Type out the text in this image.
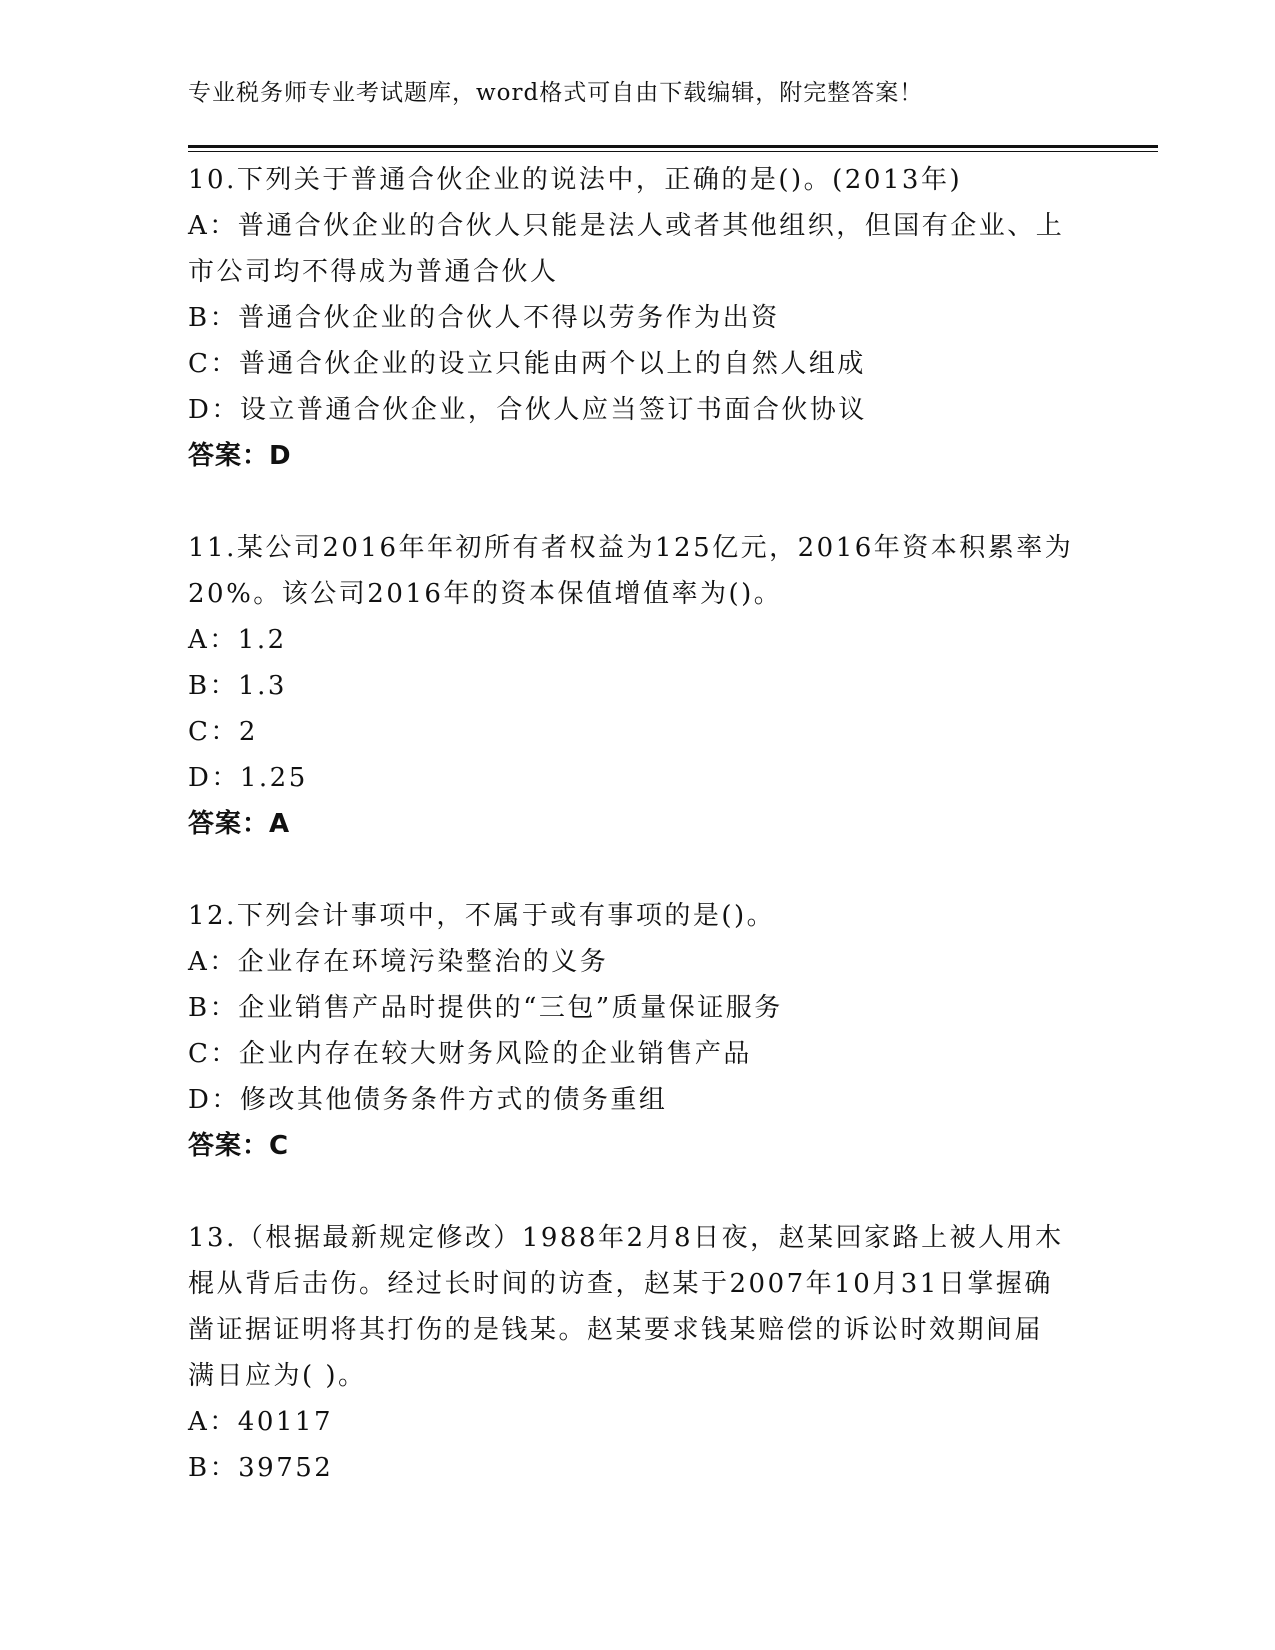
专业税务师专业考试题库，word格式可自由下载编辑，附完整答案！
10.下列关于普通合伙企业的说法中，正确的是()。(2013年)
A：普通合伙企业的合伙人只能是法人或者其他组织，但国有企业、上
市公司均不得成为普通合伙人
B：普通合伙企业的合伙人不得以劳务作为出资
C：普通合伙企业的设立只能由两个以上的自然人组成
D：设立普通合伙企业，合伙人应当签订书面合伙协议
答案：D
11.某公司2016年年初所有者权益为125亿元，2016年资本积累率为
20%。该公司2016年的资本保值增值率为()。
A：1.2
B：1.3
C：2
D：1.25
答案：A
12.下列会计事项中，不属于或有事项的是()。
A：企业存在环境污染整治的义务
B：企业销售产品时提供的“三包”质量保证服务
C：企业内存在较大财务风险的企业销售产品
D：修改其他债务条件方式的债务重组
答案：C
13.（根据最新规定修改）1988年2月8日夜，赵某回家路上被人用木
棍从背后击伤。经过长时间的访查，赵某于2007年10月31日掌握确
凿证据证明将其打伤的是钱某。赵某要求钱某赔偿的诉讼时效期间届
满日应为( )。
A：40117
B：39752
